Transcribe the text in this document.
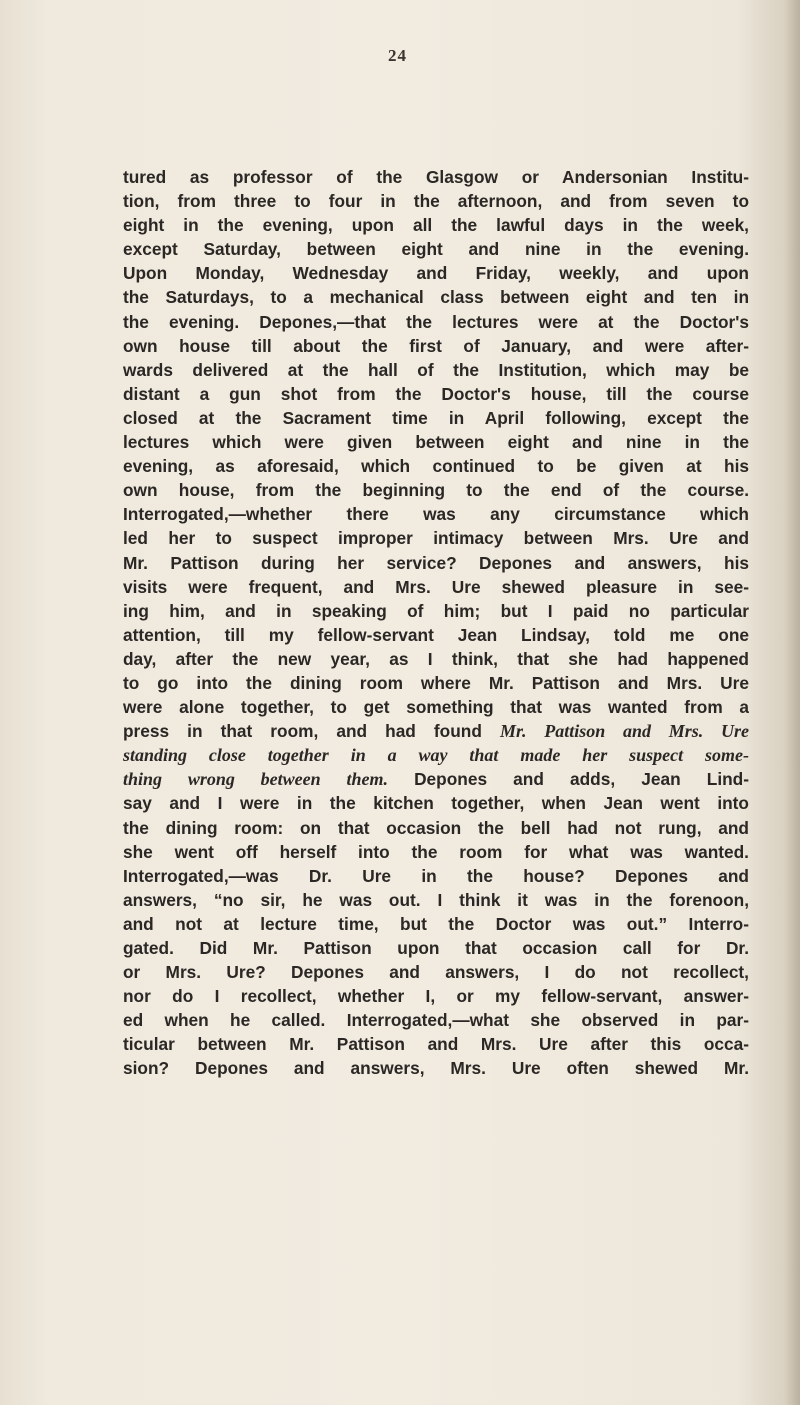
24
tured as professor of the Glasgow or Andersonian Institu-
tion, from three to four in the afternoon, and from seven to
eight in the evening, upon all the lawful days in the week,
except Saturday, between eight and nine in the evening.
Upon Monday, Wednesday and Friday, weekly, and upon
the Saturdays, to a mechanical class between eight and ten in
the evening. Depones,—that the lectures were at the Doctor's
own house till about the first of January, and were after-
wards delivered at the hall of the Institution, which may be
distant a gun shot from the Doctor's house, till the course
closed at the Sacrament time in April following, except the
lectures which were given between eight and nine in the
evening, as aforesaid, which continued to be given at his
own house, from the beginning to the end of the course.
Interrogated,—whether there was any circumstance which
led her to suspect improper intimacy between Mrs. Ure and
Mr. Pattison during her service? Depones and answers, his
visits were frequent, and Mrs. Ure shewed pleasure in see-
ing him, and in speaking of him; but I paid no particular
attention, till my fellow-servant Jean Lindsay, told me one
day, after the new year, as I think, that she had happened
to go into the dining room where Mr. Pattison and Mrs. Ure
were alone together, to get something that was wanted from a
press in that room, and had found Mr. Pattison and Mrs. Ure
standing close together in a way that made her suspect some-
thing wrong between them. Depones and adds, Jean Lind-
say and I were in the kitchen together, when Jean went into
the dining room: on that occasion the bell had not rung, and
she went off herself into the room for what was wanted.
Interrogated,—was Dr. Ure in the house? Depones and
answers, “no sir, he was out. I think it was in the forenoon,
and not at lecture time, but the Doctor was out.” Interro-
gated. Did Mr. Pattison upon that occasion call for Dr.
or Mrs. Ure? Depones and answers, I do not recollect,
nor do I recollect, whether I, or my fellow-servant, answer-
ed when he called. Interrogated,—what she observed in par-
ticular between Mr. Pattison and Mrs. Ure after this occa-
sion? Depones and answers, Mrs. Ure often shewed Mr.
